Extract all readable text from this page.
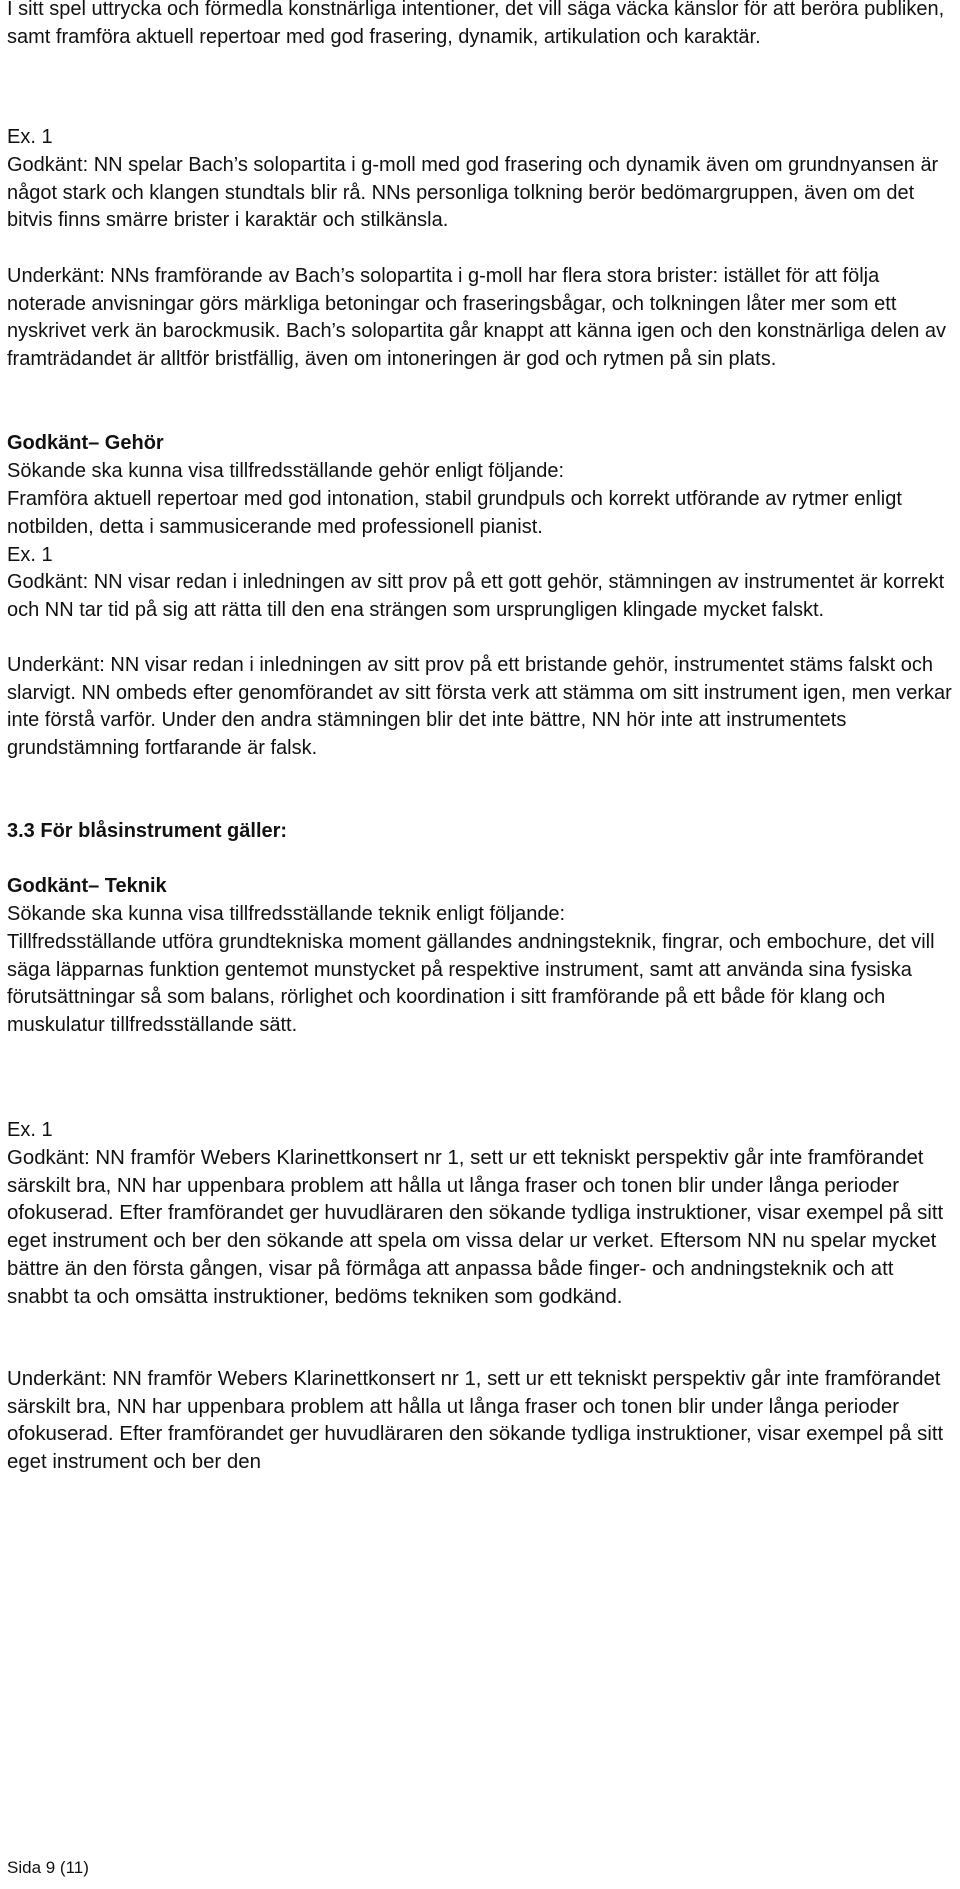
I sitt spel uttrycka och förmedla konstnärliga intentioner, det vill säga väcka känslor för att beröra publiken, samt framföra aktuell repertoar med god frasering, dynamik, artikulation och karaktär.

Ex. 1

Godkänt: NN spelar Bach’s solopartita i g-moll med god frasering och dynamik även om grundnyansen är något stark och klangen stundtals blir rå. NNs personliga tolkning berör bedömargruppen, även om det bitvis finns smärre brister i karaktär och stilkänsla.

Underkänt: NNs framförande av Bach’s solopartita i g-moll har flera stora brister: istället för att följa noterade anvisningar görs märkliga betoningar och fraseringsbågar, och tolkningen låter mer som ett nyskrivet verk än barockmusik. Bach’s solopartita går knappt att känna igen och den konstnärliga delen av framträdandet är alltför bristfällig, även om intoneringen är god och rytmen på sin plats.

Godkänt– Gehör

Sökande ska kunna visa tillfredsställande gehör enligt följande:

Framföra aktuell repertoar med god intonation, stabil grundpuls och korrekt utförande av rytmer enligt notbilden, detta i sammusicerande med professionell pianist.

Ex. 1

Godkänt: NN visar redan i inledningen av sitt prov på ett gott gehör, stämningen av instrumentet är korrekt och NN tar tid på sig att rätta till den ena strängen som ursprungligen klingade mycket falskt.

Underkänt: NN visar redan i inledningen av sitt prov på ett bristande gehör, instrumentet stäms falskt och slarvigt. NN ombeds efter genomförandet av sitt första verk att stämma om sitt instrument igen, men verkar inte förstå varför. Under den andra stämningen blir det inte bättre, NN hör inte att instrumentets grundstämning fortfarande är falsk.

3.3 För blåsinstrument gäller:

Godkänt– Teknik

Sökande ska kunna visa tillfredsställande teknik enligt följande:

Tillfredsställande utföra grundtekniska moment gällandes andningsteknik, fingrar, och embochure, det vill säga läpparnas funktion gentemot munstycket på respektive instrument, samt att använda sina fysiska förutsättningar så som balans, rörlighet och koordination i sitt framförande på ett både för klang och muskulatur tillfredsställande sätt.

Ex. 1

Godkänt: NN framför Webers Klarinettkonsert nr 1, sett ur ett tekniskt perspektiv går inte framförandet särskilt bra, NN har uppenbara problem att hålla ut långa fraser och tonen blir under långa perioder ofokuserad. Efter framförandet ger huvudläraren den sökande tydliga instruktioner, visar exempel på sitt eget instrument och ber den sökande att spela om vissa delar ur verket. Eftersom NN nu spelar mycket bättre än den första gången, visar på förmåga att anpassa både finger- och andningsteknik och att snabbt ta och omsätta instruktioner, bedöms tekniken som godkänd.

Underkänt: NN framför Webers Klarinettkonsert nr 1, sett ur ett tekniskt perspektiv går inte framförandet särskilt bra, NN har uppenbara problem att hålla ut långa fraser och tonen blir under långa perioder ofokuserad. Efter framförandet ger huvudläraren den sökande tydliga instruktioner, visar exempel på sitt eget instrument och ber den

Sida 9 (11)
